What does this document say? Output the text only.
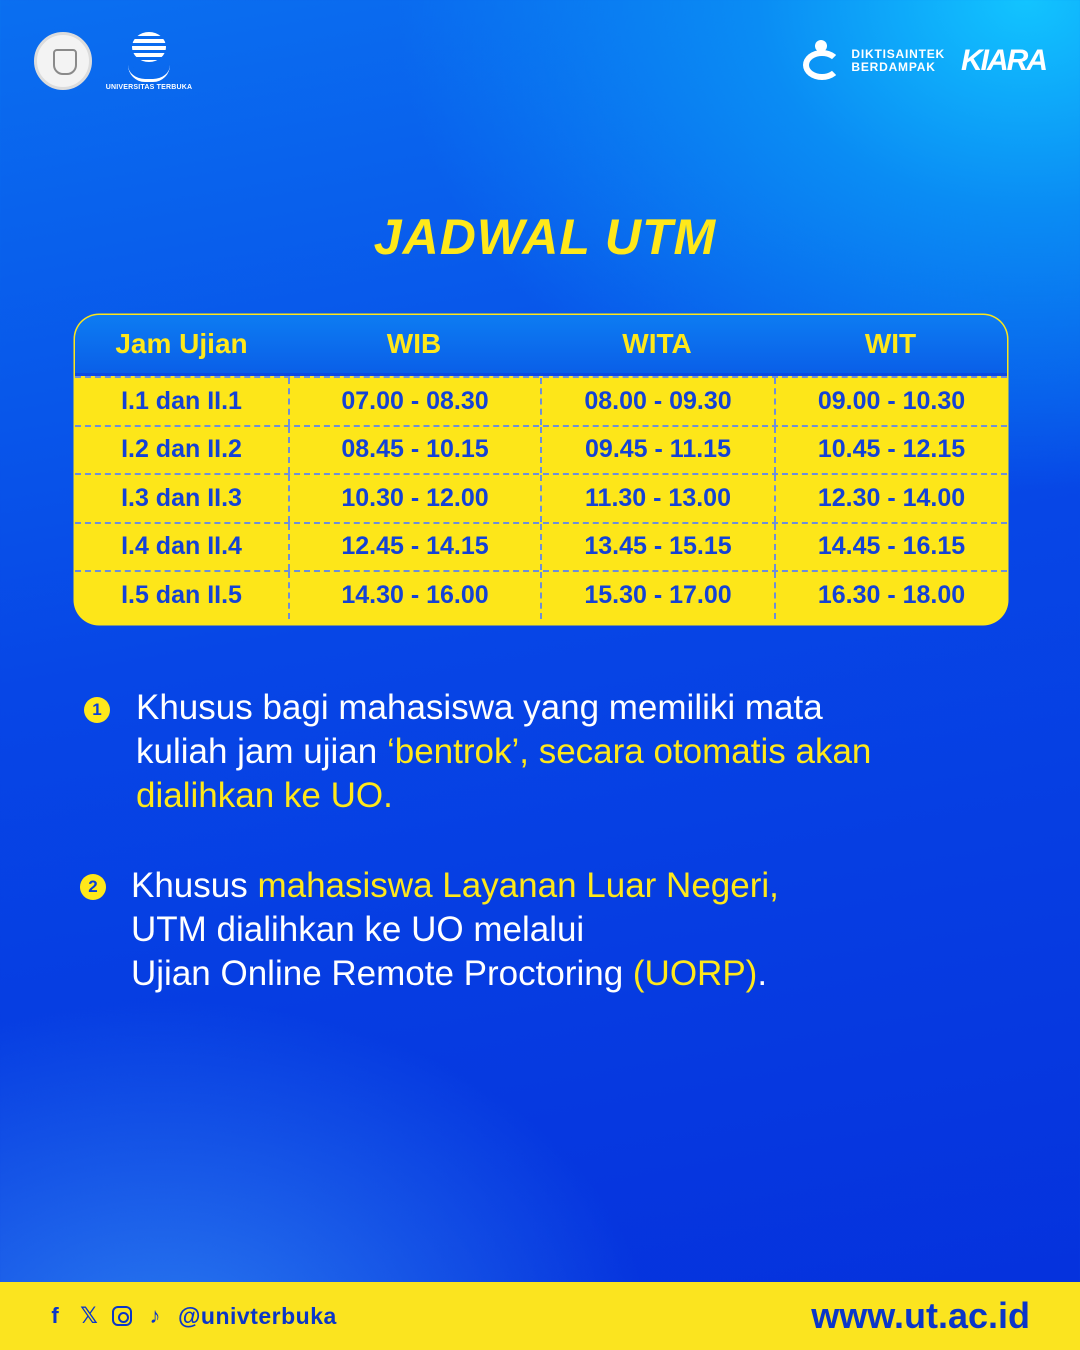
UNIVERSITAS TERBUKA
DIKTISAINTEK
BERDAMPAK KIARA
JADWAL UTM
Jam Ujian	WIB	WITA	WIT
I.1 dan II.1	07.00 - 08.30	08.00 - 09.30	09.00 - 10.30
I.2 dan II.2	08.45 - 10.15	09.45 - 11.15	10.45 - 12.15
I.3 dan II.3	10.30 - 12.00	11.30 - 13.00	12.30 - 14.00
I.4 dan II.4	12.45 - 14.15	13.45 - 15.15	14.45 - 16.15
I.5 dan II.5	14.30 - 16.00	15.30 - 17.00	16.30 - 18.00
1 Khusus bagi mahasiswa yang memiliki mata
kuliah jam ujian ‘bentrok’, secara otomatis akan
dialihkan ke UO.
2 Khusus mahasiswa Layanan Luar Negeri,
UTM dialihkan ke UO melalui
Ujian Online Remote Proctoring (UORP).
f 𝕏 ♪ @univterbuka	www.ut.ac.id
